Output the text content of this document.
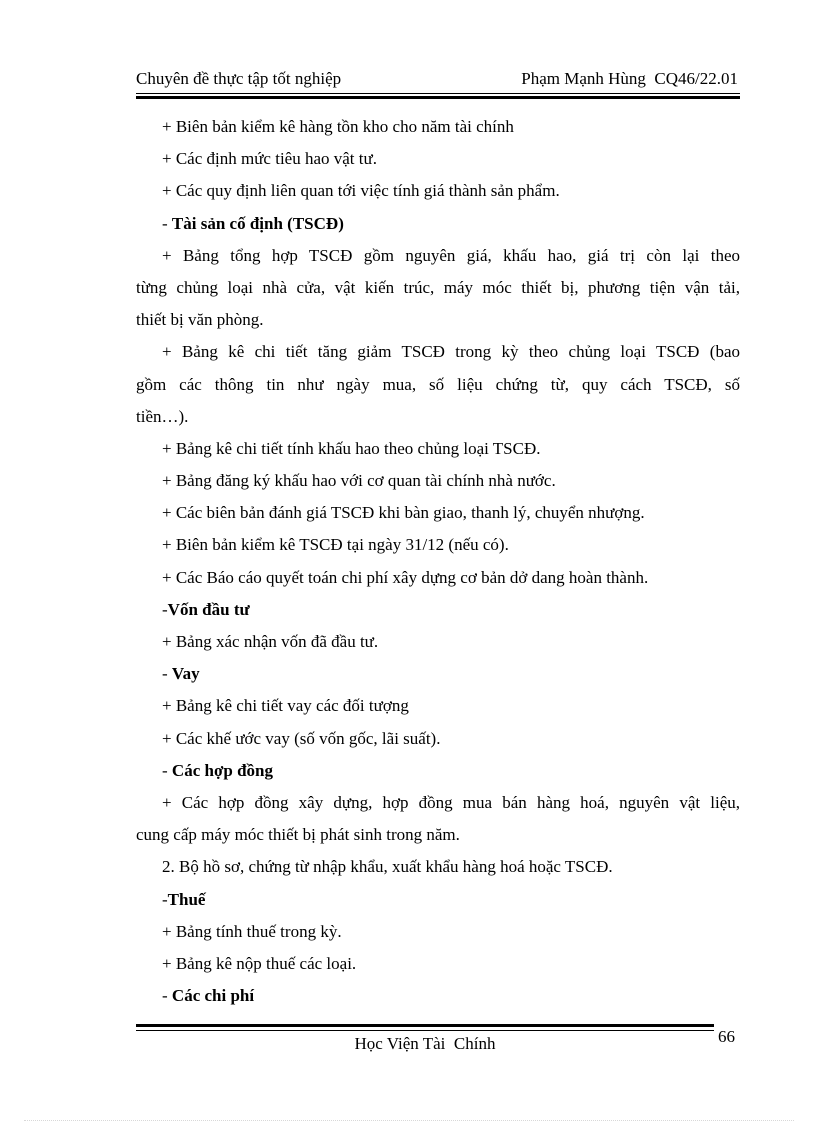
Chuyên đề thực tập tốt nghiệp	Phạm Mạnh Hùng  CQ46/22.01
+ Biên bản kiểm kê hàng tồn kho cho năm tài chính
+ Các định mức tiêu hao vật tư.
+ Các quy định liên quan tới việc tính giá thành sản phẩm.
- Tài sản cố định (TSCĐ)
+ Bảng tổng hợp TSCĐ gồm nguyên giá, khấu hao, giá trị còn lại theo
từng chủng loại nhà cửa, vật kiến trúc, máy móc thiết bị, phương tiện vận tải,
thiết bị văn phòng.
+ Bảng kê chi tiết tăng giảm TSCĐ trong kỳ theo chủng loại TSCĐ (bao
gồm các thông tin như ngày mua, số liệu chứng từ, quy cách TSCĐ, số
tiền…).
+ Bảng kê chi tiết tính khấu hao theo chủng loại TSCĐ.
+ Bảng đăng ký khấu hao với cơ quan tài chính nhà nước.
+ Các biên bản đánh giá TSCĐ khi bàn giao, thanh lý, chuyển nhượng.
+ Biên bản kiểm kê TSCĐ tại ngày 31/12 (nếu có).
+ Các Báo cáo quyết toán chi phí xây dựng cơ bản dở dang hoàn thành.
-Vốn đầu tư
+ Bảng xác nhận vốn đã đầu tư.
- Vay
+ Bảng kê chi tiết vay các đối tượng
+ Các khế ước vay (số vốn gốc, lãi suất).
- Các hợp đồng
+ Các hợp đồng xây dựng, hợp đồng mua bán hàng hoá, nguyên vật liệu,
cung cấp máy móc thiết bị phát sinh trong năm.
2. Bộ hồ sơ, chứng từ nhập khẩu, xuất khẩu hàng hoá hoặc TSCĐ.
-Thuế
+ Bảng tính thuế trong kỳ.
+ Bảng kê nộp thuế các loại.
- Các chi phí
Học Viện Tài  Chính	66
